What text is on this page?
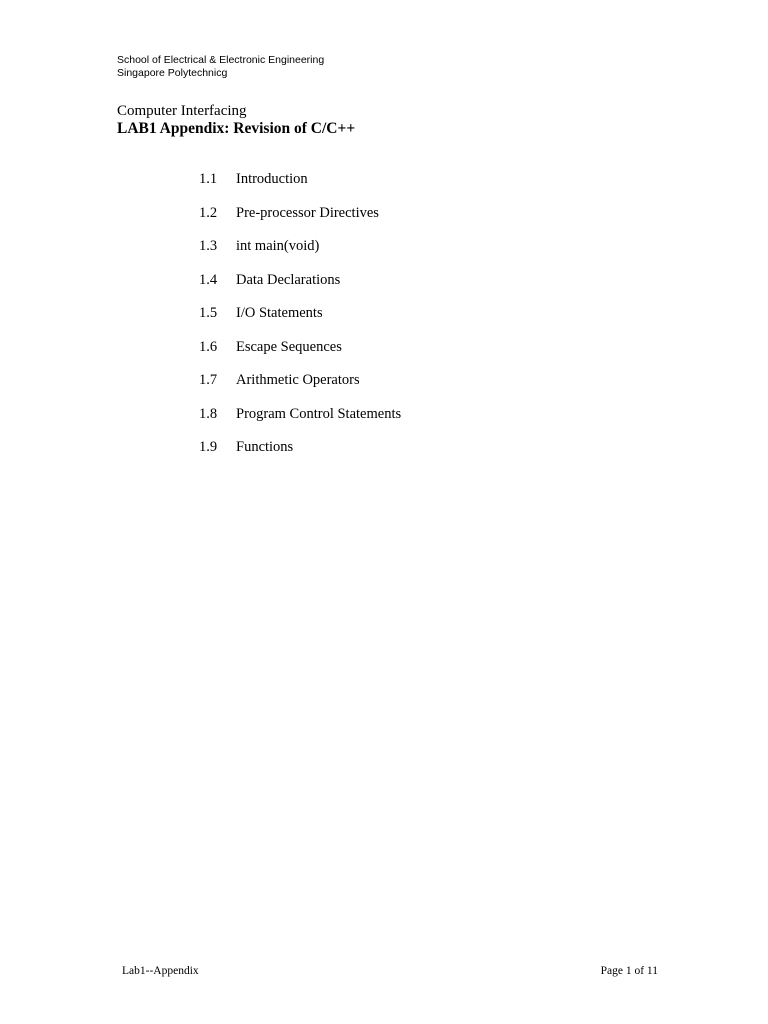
School of Electrical & Electronic Engineering
Singapore Polytechnicg
Computer Interfacing
LAB1 Appendix: Revision of C/C++
1.1 Introduction
1.2 Pre-processor Directives
1.3 int main(void)
1.4 Data Declarations
1.5 I/O Statements
1.6 Escape Sequences
1.7 Arithmetic Operators
1.8 Program Control Statements
1.9 Functions
Lab1--Appendix	Page 1 of 11
